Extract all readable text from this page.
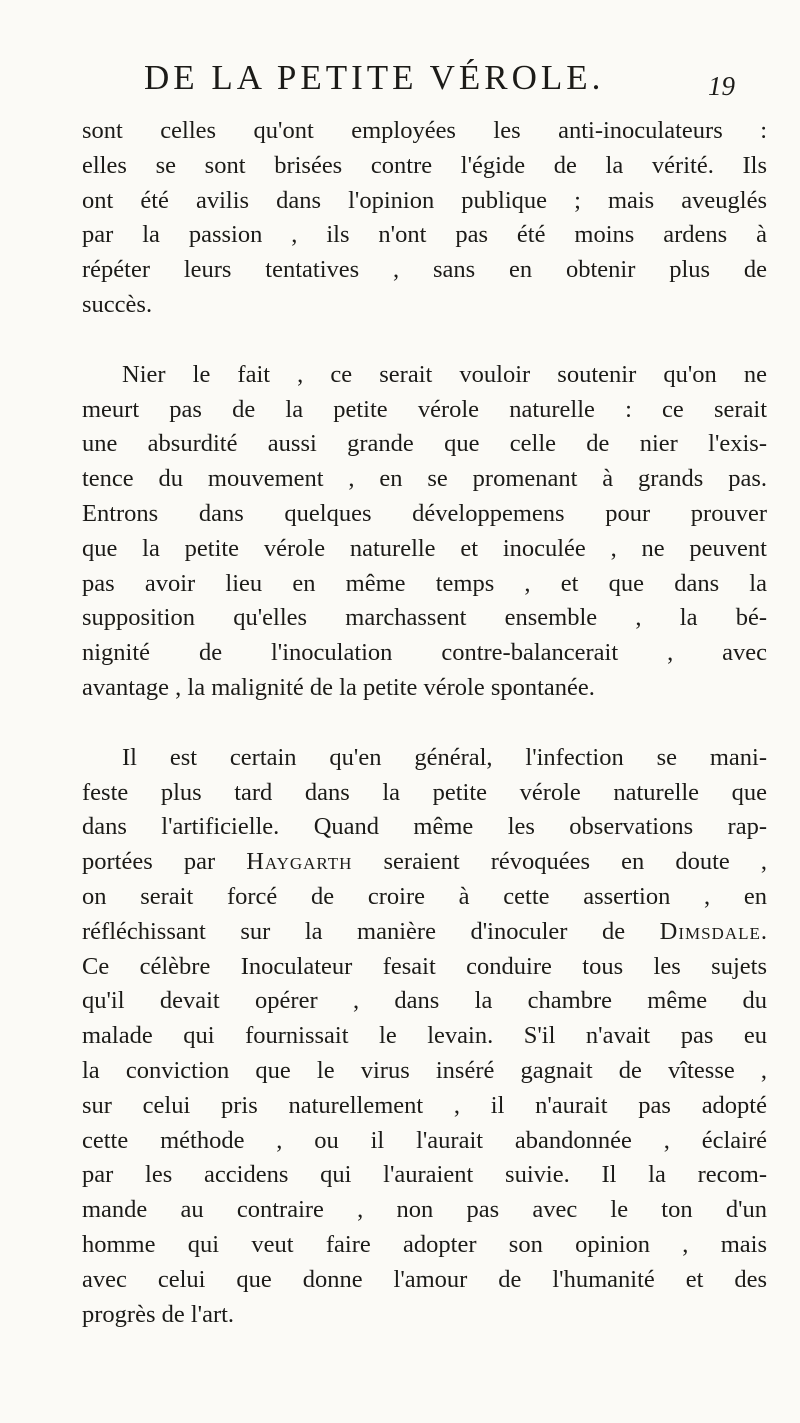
DE LA PETITE VÉROLE.	19
sont celles qu'ont employées les anti-inoculateurs :
elles se sont brisées contre l'égide de la vérité. Ils
ont été avilis dans l'opinion publique ; mais aveuglés
par la passion , ils n'ont pas été moins ardens à
répéter leurs tentatives , sans en obtenir plus de
succès.
Nier le fait , ce serait vouloir soutenir qu'on ne
meurt pas de la petite vérole naturelle : ce serait
une absurdité aussi grande que celle de nier l'exis-
tence du mouvement , en se promenant à grands pas.
Entrons dans quelques développemens pour prouver
que la petite vérole naturelle et inoculée , ne peuvent
pas avoir lieu en même temps , et que dans la
supposition qu'elles marchassent ensemble , la bé-
nignité de l'inoculation contre-balancerait , avec
avantage , la malignité de la petite vérole spontanée.
Il est certain qu'en général, l'infection se mani-
feste plus tard dans la petite vérole naturelle que
dans l'artificielle. Quand même les observations rap-
portées par Haygarth seraient révoquées en doute ,
on serait forcé de croire à cette assertion , en
réfléchissant sur la manière d'inoculer de Dimsdale.
Ce célèbre Inoculateur fesait conduire tous les sujets
qu'il devait opérer , dans la chambre même du
malade qui fournissait le levain. S'il n'avait pas eu
la conviction que le virus inséré gagnait de vîtesse ,
sur celui pris naturellement , il n'aurait pas adopté
cette méthode , ou il l'aurait abandonnée , éclairé
par les accidens qui l'auraient suivie. Il la recom-
mande au contraire , non pas avec le ton d'un
homme qui veut faire adopter son opinion , mais
avec celui que donne l'amour de l'humanité et des
progrès de l'art.
